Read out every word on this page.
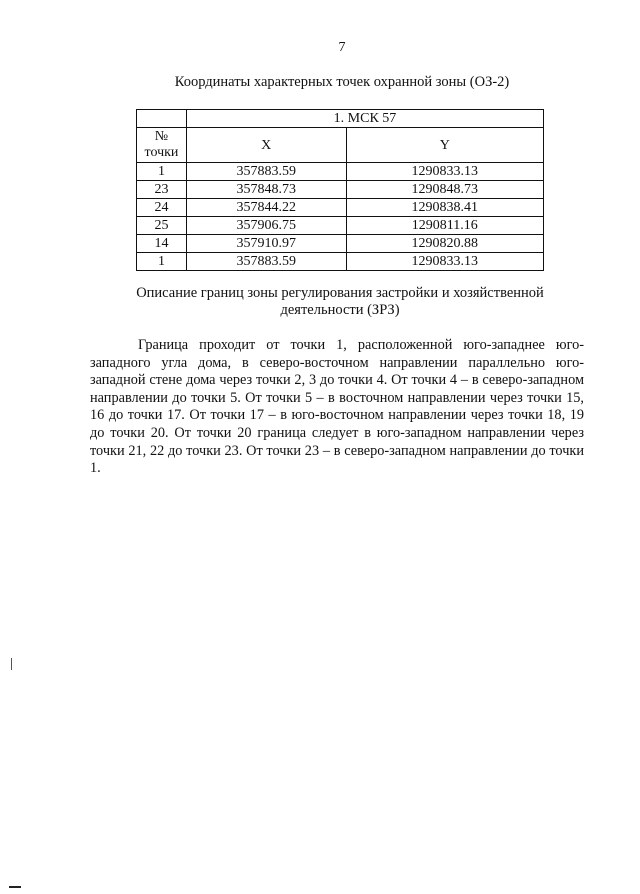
7
Координаты характерных точек охранной зоны (ОЗ-2)
	1. МСК 57	
№ точки	X	Y
1	357883.59	1290833.13
23	357848.73	1290848.73
24	357844.22	1290838.41
25	357906.75	1290811.16
14	357910.97	1290820.88
1	357883.59	1290833.13
Описание границ зоны регулирования застройки и хозяйственной деятельности (ЗРЗ)

Граница проходит от точки 1, расположенной юго-западнее юго-западного угла дома, в северо-восточном направлении параллельно юго-западной стене дома через точки 2, 3 до точки 4. От точки 4 – в северо-западном направлении до точки 5. От точки 5 – в восточном направлении через точки 15, 16 до точки 17. От точки 17 – в юго-восточном направлении через точки 18, 19 до точки 20. От точки 20 граница следует в юго-западном направлении через точки 21, 22 до точки 23. От точки 23 – в северо-западном направлении до точки 1.
